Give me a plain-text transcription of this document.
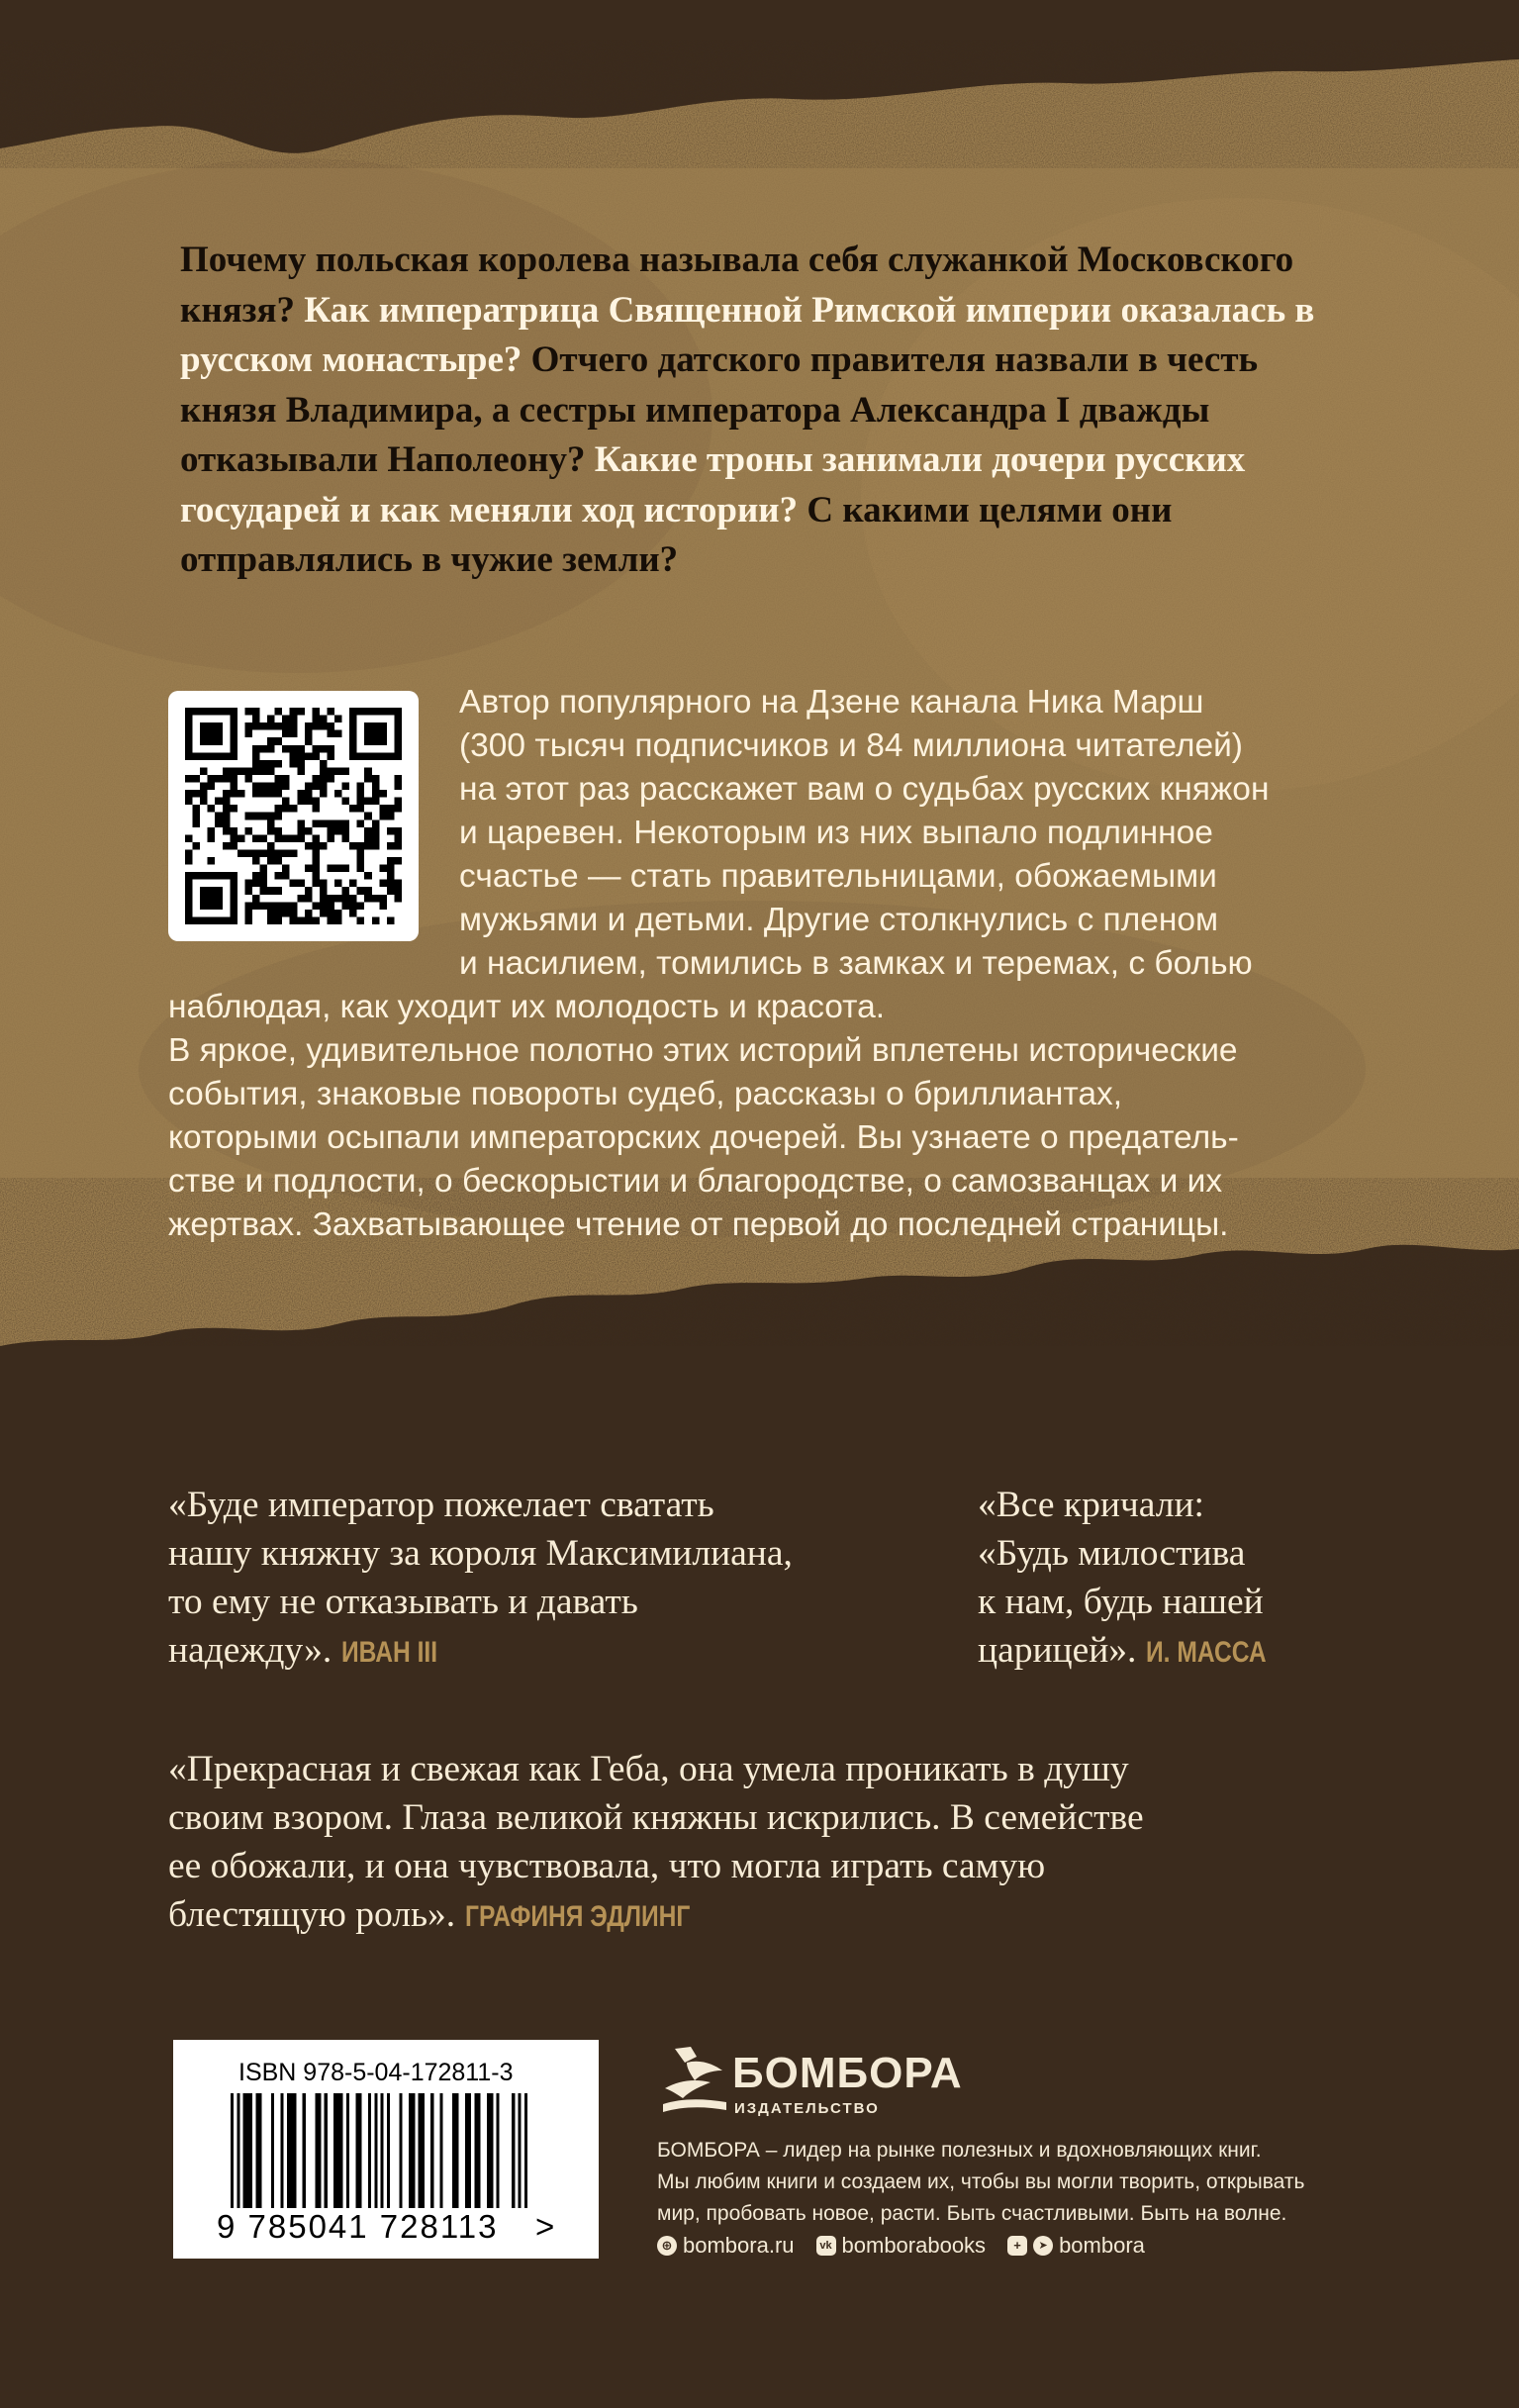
Почему польская королева называла себя служанкой Московского князя? Как императрица Священной Римской империи оказалась в русском монастыре? Отчего датского правителя назвали в честь князя Владимира, а сестры императора Александра I дважды отказывали Наполеону? Какие троны занимали дочери русских государей и как меняли ход истории? С какими целями они отправлялись в чужие земли?

Автор популярного на Дзене канала Ника Марш

(300 тысяч подписчиков и 84 миллиона читателей)

на этот раз расскажет вам о судьбах русских княжон

и царевен. Некоторым из них выпало подлинное

счастье — стать правительницами, обожаемыми

мужьями и детьми. Другие столкнулись с пленом

и насилием, томились в замках и теремах, с болью

наблюдая, как уходит их молодость и красота.

В яркое, удивительное полотно этих историй вплетены исторические

события, знаковые повороты судеб, рассказы о бриллиантах,

которыми осыпали императорских дочерей. Вы узнаете о предатель-

стве и подлости, о бескорыстии и благородстве, о самозванцах и их

жертвах. Захватывающее чтение от первой до последней страницы.

«Буде император пожелает сватать

нашу княжну за короля Максимилиана,

то ему не отказывать и давать

надежду». ИВАН III

«Все кричали:

«Будь милостива

к нам, будь нашей

царицей». И. МАССА

«Прекрасная и свежая как Геба, она умела проникать в душу

своим взором. Глаза великой княжны искрились. В семействе

ее обожали, и она чувствовала, что могла играть самую

блестящую роль». ГРАФИНЯ ЭДЛИНГ

ISBN 978-5-04-172811-3
9 785041 728113 >
БОМБОРА
ИЗДАТЕЛЬСТВО
БОМБОРА – лидер на рынке полезных и вдохновляющих книг.
Мы любим книги и создаем их, чтобы вы могли творить, открывать
мир, пробовать новое, расти. Быть счастливыми. Быть на волне.
⊕ bombora.ru	vk bomborabooks	+	➤ bombora
